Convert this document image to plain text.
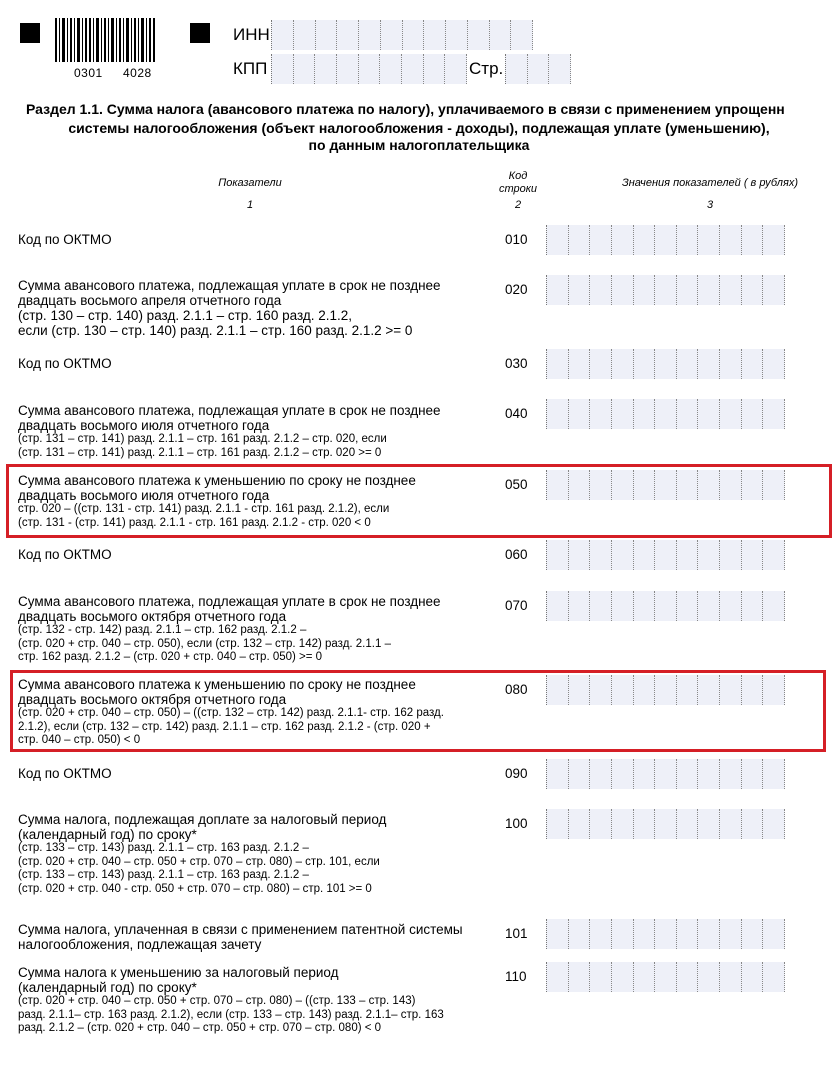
0301 4028
ИНН
КПП	Стр.
Раздел 1.1. Сумма налога (авансового платежа по налогу), уплачиваемого в связи с применением упрощенн
системы налогообложения (объект налогообложения - доходы), подлежащая уплате (уменьшению),
по данным налогоплательщика
Показатели
1
Код
строки
2
Значения показателей ( в рублях)
3
Код по ОКТМО	010
Сумма авансового платежа, подлежащая уплате в срок не позднее
двадцать восьмого апреля отчетного года
(стр. 130 – стр. 140) разд. 2.1.1 – стр. 160 разд. 2.1.2,
если (стр. 130 – стр. 140) разд. 2.1.1 – стр. 160 разд. 2.1.2 >= 0
020
Код по ОКТМО	030
Сумма авансового платежа, подлежащая уплате в срок не позднее
двадцать восьмого июля отчетного года
(стр. 131 – стр. 141) разд. 2.1.1 – стр. 161 разд. 2.1.2 – стр. 020, если
(стр. 131 – стр. 141) разд. 2.1.1 – стр. 161 разд. 2.1.2 – стр. 020 >= 0
040
Сумма авансового платежа к уменьшению по сроку не позднее
двадцать восьмого июля отчетного года
стр. 020 – ((стр. 131 - стр. 141) разд. 2.1.1 - стр. 161 разд. 2.1.2), если
(стр. 131 - (стр. 141) разд. 2.1.1 - стр. 161 разд. 2.1.2 - стр. 020 < 0
050
Код по ОКТМО	060
Сумма авансового платежа, подлежащая уплате в срок не позднее
двадцать восьмого октября отчетного года
(стр. 132 - стр. 142) разд. 2.1.1 – стр. 162 разд. 2.1.2 –
(стр. 020 + стр. 040 – стр. 050), если (стр. 132 – стр. 142) разд. 2.1.1 –
стр. 162 разд. 2.1.2 – (стр. 020 + стр. 040 – стр. 050) >= 0
070
Сумма авансового платежа к уменьшению по сроку не позднее
двадцать восьмого октября отчетного года
(стр. 020 + стр. 040 – стр. 050) – ((стр. 132 – стр. 142) разд. 2.1.1- стр. 162 разд.
2.1.2), если (стр. 132 – стр. 142) разд. 2.1.1 – стр. 162 разд. 2.1.2 - (стр. 020 +
стр. 040 – стр. 050) < 0
080
Код по ОКТМО	090
Сумма налога, подлежащая доплате за налоговый период
(календарный год) по сроку*
(стр. 133 – стр. 143) разд. 2.1.1 – стр. 163 разд. 2.1.2 –
(стр. 020 + стр. 040 – стр. 050 + стр. 070 – стр. 080) – стр. 101, если
(стр. 133 – стр. 143) разд. 2.1.1 – стр. 163 разд. 2.1.2 –
(стр. 020 + стр. 040 - стр. 050 + стр. 070 – стр. 080) – стр. 101 >= 0
100
Сумма налога, уплаченная в связи с применением патентной системы
налогообложения, подлежащая зачету
101
Сумма налога к уменьшению за налоговый период
(календарный год) по сроку*
(стр. 020 + стр. 040 – стр. 050 + стр. 070 – стр. 080) – ((стр. 133 – стр. 143)
разд. 2.1.1– стр. 163 разд. 2.1.2), если (стр. 133 – стр. 143) разд. 2.1.1– стр. 163
разд. 2.1.2 – (стр. 020 + стр. 040 – стр. 050 + стр. 070 – стр. 080) < 0
110
